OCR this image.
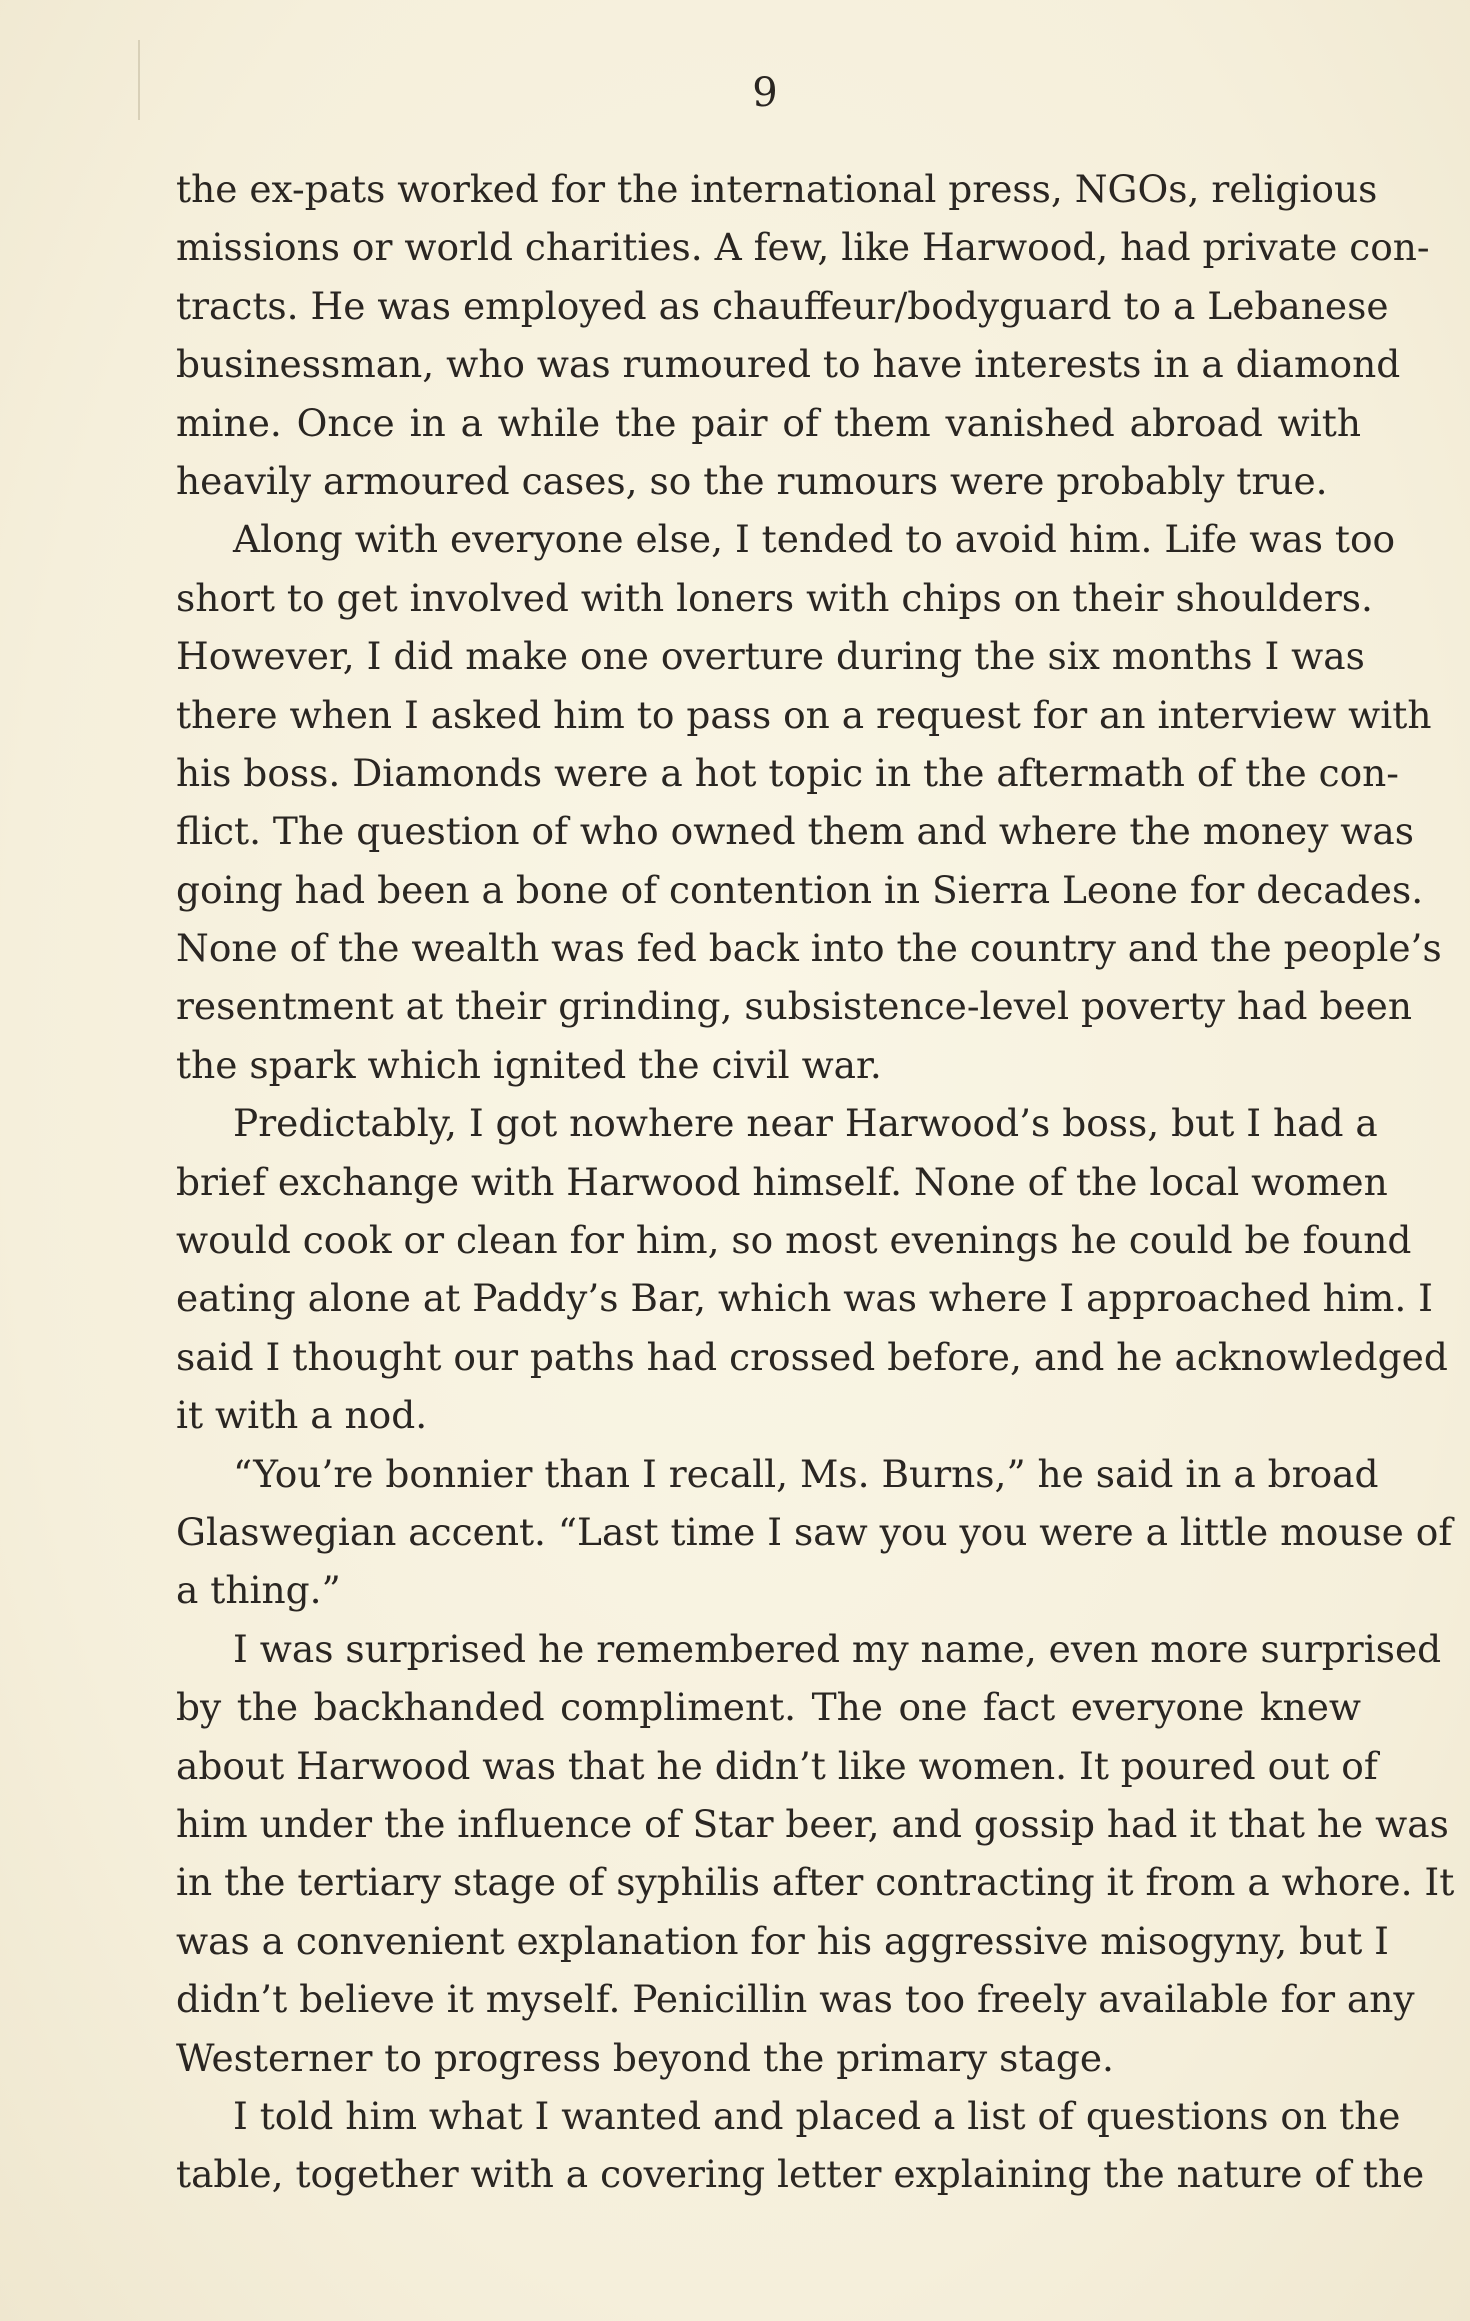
9
the ex-pats worked for the international press, NGOs, religious
missions or world charities. A few, like Harwood, had private con-
tracts. He was employed as chauffeur/bodyguard to a Lebanese
businessman, who was rumoured to have interests in a diamond
mine. Once in a while the pair of them vanished abroad with
heavily armoured cases, so the rumours were probably true.
Along with everyone else, I tended to avoid him. Life was too
short to get involved with loners with chips on their shoulders.
However, I did make one overture during the six months I was
there when I asked him to pass on a request for an interview with
his boss. Diamonds were a hot topic in the aftermath of the con-
flict. The question of who owned them and where the money was
going had been a bone of contention in Sierra Leone for decades.
None of the wealth was fed back into the country and the people’s
resentment at their grinding, subsistence-level poverty had been
the spark which ignited the civil war.
Predictably, I got nowhere near Harwood’s boss, but I had a
brief exchange with Harwood himself. None of the local women
would cook or clean for him, so most evenings he could be found
eating alone at Paddy’s Bar, which was where I approached him. I
said I thought our paths had crossed before, and he acknowledged
it with a nod.
“You’re bonnier than I recall, Ms. Burns,” he said in a broad
Glaswegian accent. “Last time I saw you you were a little mouse of
a thing.”
I was surprised he remembered my name, even more surprised
by the backhanded compliment. The one fact everyone knew
about Harwood was that he didn’t like women. It poured out of
him under the influence of Star beer, and gossip had it that he was
in the tertiary stage of syphilis after contracting it from a whore. It
was a convenient explanation for his aggressive misogyny, but I
didn’t believe it myself. Penicillin was too freely available for any
Westerner to progress beyond the primary stage.
I told him what I wanted and placed a list of questions on the
table, together with a covering letter explaining the nature of the
